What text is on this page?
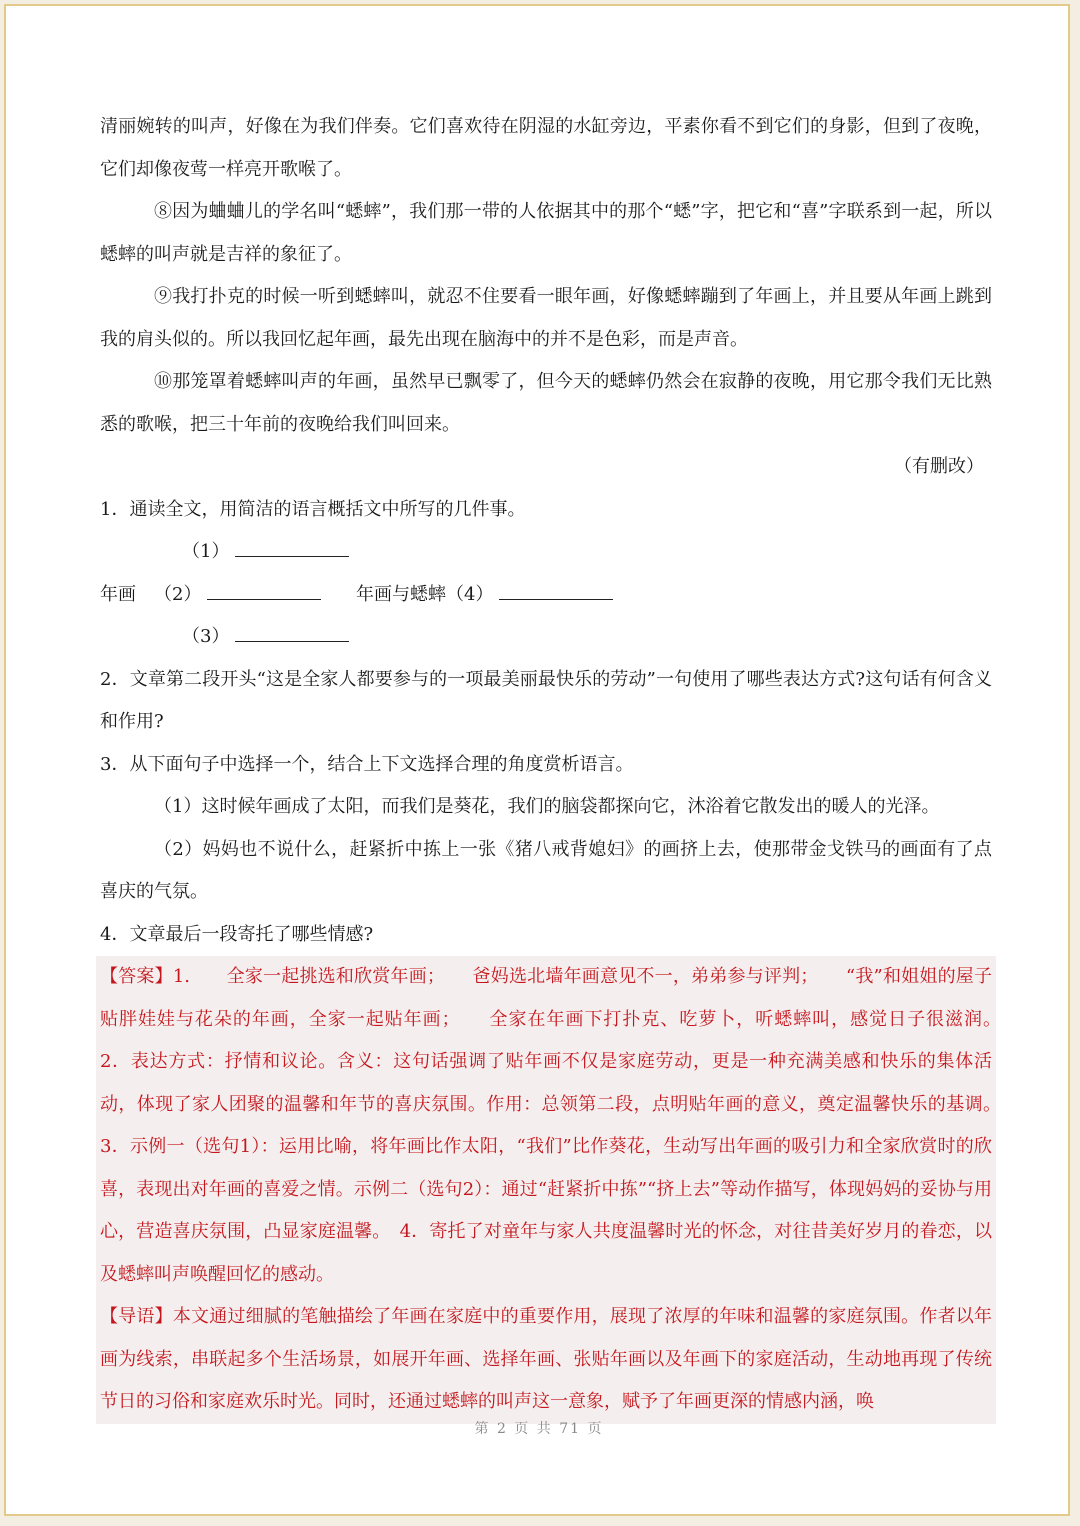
清丽婉转的叫声，好像在为我们伴奏。它们喜欢待在阴湿的水缸旁边，平素你看不到它们的身影，但到了夜晚，它们却像夜莺一样亮开歌喉了。

⑧因为蛐蛐儿的学名叫“蟋蟀”，我们那一带的人依据其中的那个“蟋”字，把它和“喜”字联系到一起，所以蟋蟀的叫声就是吉祥的象征了。

⑨我打扑克的时候一听到蟋蟀叫，就忍不住要看一眼年画，好像蟋蟀蹦到了年画上，并且要从年画上跳到我的肩头似的。所以我回忆起年画，最先出现在脑海中的并不是色彩，而是声音。

⑩那笼罩着蟋蟀叫声的年画，虽然早已飘零了，但今天的蟋蟀仍然会在寂静的夜晚，用它那令我们无比熟悉的歌喉，把三十年前的夜晚给我们叫回来。

（有删改）

1．通读全文，用简洁的语言概括文中所写的几件事。

（1）
年画 （2）	年画与蟋蟀（4）
（3）

2．文章第二段开头“这是全家人都要参与的一项最美丽最快乐的劳动”一句使用了哪些表达方式?这句话有何含义和作用?

3．从下面句子中选择一个，结合上下文选择合理的角度赏析语言。

（1）这时候年画成了太阳，而我们是葵花，我们的脑袋都探向它，沐浴着它散发出的暖人的光泽。

（2）妈妈也不说什么，赶紧折中拣上一张《猪八戒背媳妇》的画挤上去，使那带金戈铁马的画面有了点喜庆的气氛。

4．文章最后一段寄托了哪些情感?

【答案】1.　　全家一起挑选和欣赏年画；　　爸妈选北墙年画意见不一，弟弟参与评判；　　“我”和姐姐的屋子贴胖娃娃与花朵的年画，全家一起贴年画；　　全家在年画下打扑克、吃萝卜，听蟋蟀叫，感觉日子很滋润。　2．表达方式：抒情和议论。含义：这句话强调了贴年画不仅是家庭劳动，更是一种充满美感和快乐的集体活动，体现了家人团聚的温馨和年节的喜庆氛围。作用：总领第二段，点明贴年画的意义，奠定温馨快乐的基调。　3．示例一（选句1）：运用比喻，将年画比作太阳，“我们”比作葵花，生动写出年画的吸引力和全家欣赏时的欣喜，表现出对年画的喜爱之情。示例二（选句2）：通过“赶紧折中拣”“挤上去”等动作描写，体现妈妈的妥协与用心，营造喜庆氛围，凸显家庭温馨。　4．寄托了对童年与家人共度温馨时光的怀念，对往昔美好岁月的眷恋，以及蟋蟀叫声唤醒回忆的感动。

【导语】本文通过细腻的笔触描绘了年画在家庭中的重要作用，展现了浓厚的年味和温馨的家庭氛围。作者以年画为线索，串联起多个生活场景，如展开年画、选择年画、张贴年画以及年画下的家庭活动，生动地再现了传统节日的习俗和家庭欢乐时光。同时，还通过蟋蟀的叫声这一意象，赋予了年画更深的情感内涵，唤

第 2 页 共 71 页
